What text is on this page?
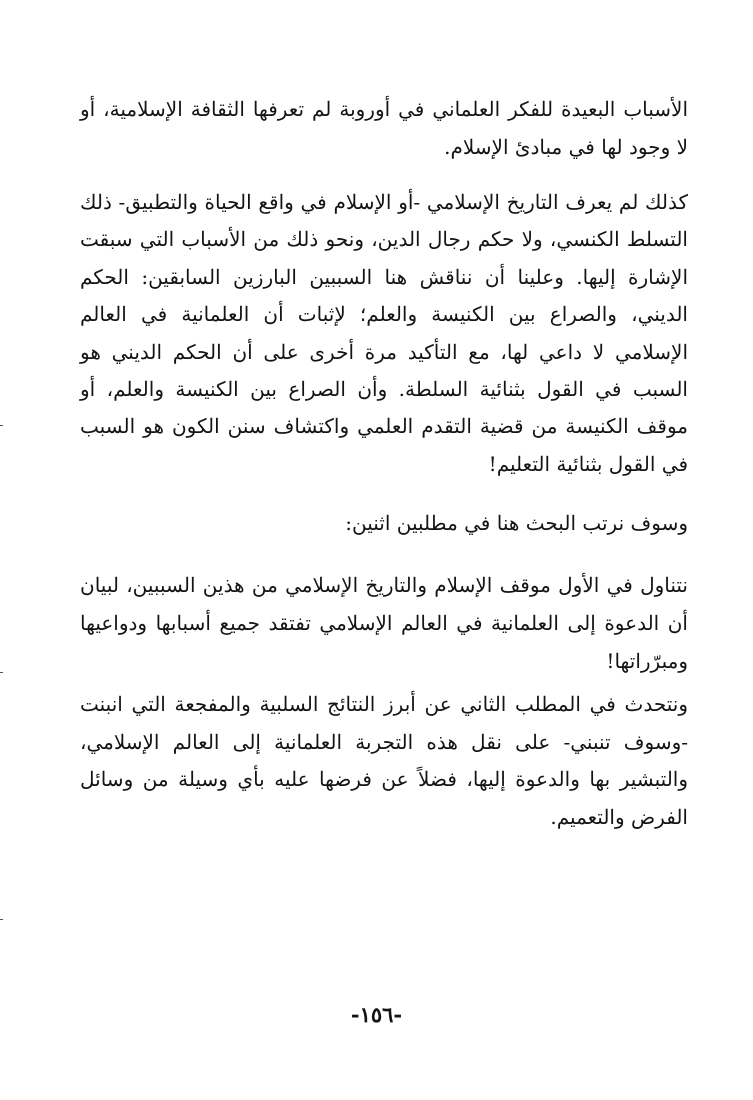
الأسباب البعيدة للفكر العلماني في أوروبة لم تعرفها الثقافة الإسلامية، أو لا وجود لها في مبادئ الإسلام.

كذلك لم يعرف التاريخ الإسلامي -أو الإسلام في واقع الحياة والتطبيق- ذلك التسلط الكنسي، ولا حكم رجال الدين، ونحو ذلك من الأسباب التي سبقت الإشارة إليها. وعلينا أن نناقش هنا السببين البارزين السابقين: الحكم الديني، والصراع بين الكنيسة والعلم؛ لإثبات أن العلمانية في العالم الإسلامي لا داعي لها، مع التأكيد مرة أخرى على أن الحكم الديني هو السبب في القول بثنائية السلطة. وأن الصراع بين الكنيسة والعلم، أو موقف الكنيسة من قضية التقدم العلمي واكتشاف سنن الكون هو السبب في القول بثنائية التعليم!

وسوف نرتب البحث هنا في مطلبين اثنين:

نتناول في الأول موقف الإسلام والتاريخ الإسلامي من هذين السببين، لبيان أن الدعوة إلى العلمانية في العالم الإسلامي تفتقد جميع أسبابها ودواعيها ومبرّراتها!

ونتحدث في المطلب الثاني عن أبرز النتائج السلبية والمفجعة التي انبنت -وسوف تنبني- على نقل هذه التجربة العلمانية إلى العالم الإسلامي، والتبشير بها والدعوة إليها، فضلاً عن فرضها عليه بأي وسيلة من وسائل الفرض والتعميم.

-١٥٦-
